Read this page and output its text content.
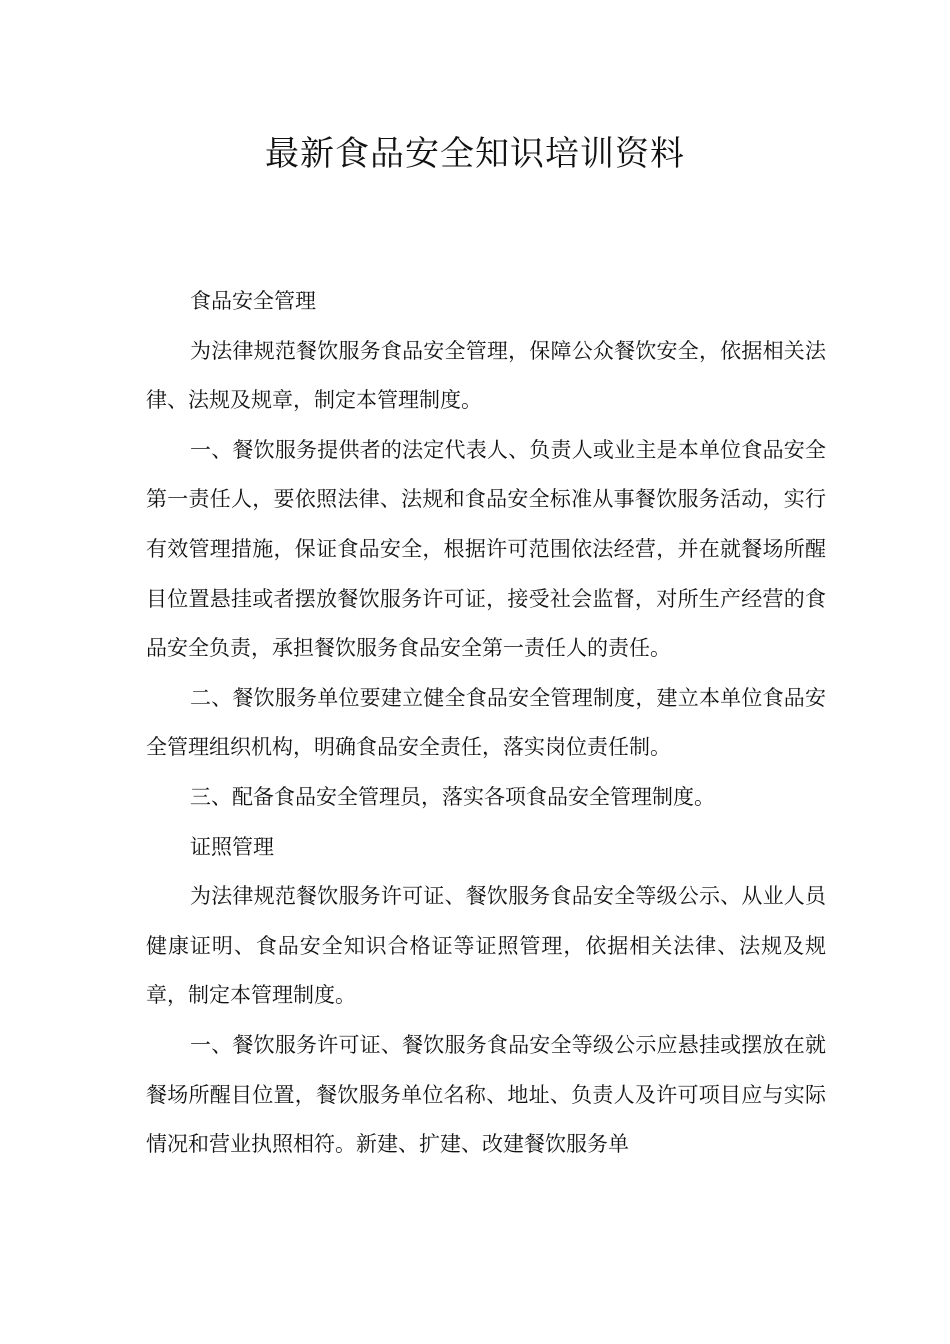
最新食品安全知识培训资料

食品安全管理

为法律规范餐饮服务食品安全管理，保障公众餐饮安全，依据相关法律、法规及规章，制定本管理制度。

一、餐饮服务提供者的法定代表人、负责人或业主是本单位食品安全第一责任人，要依照法律、法规和食品安全标准从事餐饮服务活动，实行有效管理措施，保证食品安全，根据许可范围依法经营，并在就餐场所醒目位置悬挂或者摆放餐饮服务许可证，接受社会监督，对所生产经营的食品安全负责，承担餐饮服务食品安全第一责任人的责任。

二、餐饮服务单位要建立健全食品安全管理制度，建立本单位食品安全管理组织机构，明确食品安全责任，落实岗位责任制。

三、配备食品安全管理员，落实各项食品安全管理制度。

证照管理

为法律规范餐饮服务许可证、餐饮服务食品安全等级公示、从业人员健康证明、食品安全知识合格证等证照管理，依据相关法律、法规及规章，制定本管理制度。

一、餐饮服务许可证、餐饮服务食品安全等级公示应悬挂或摆放在就餐场所醒目位置，餐饮服务单位名称、地址、负责人及许可项目应与实际情况和营业执照相符。新建、扩建、改建餐饮服务单
